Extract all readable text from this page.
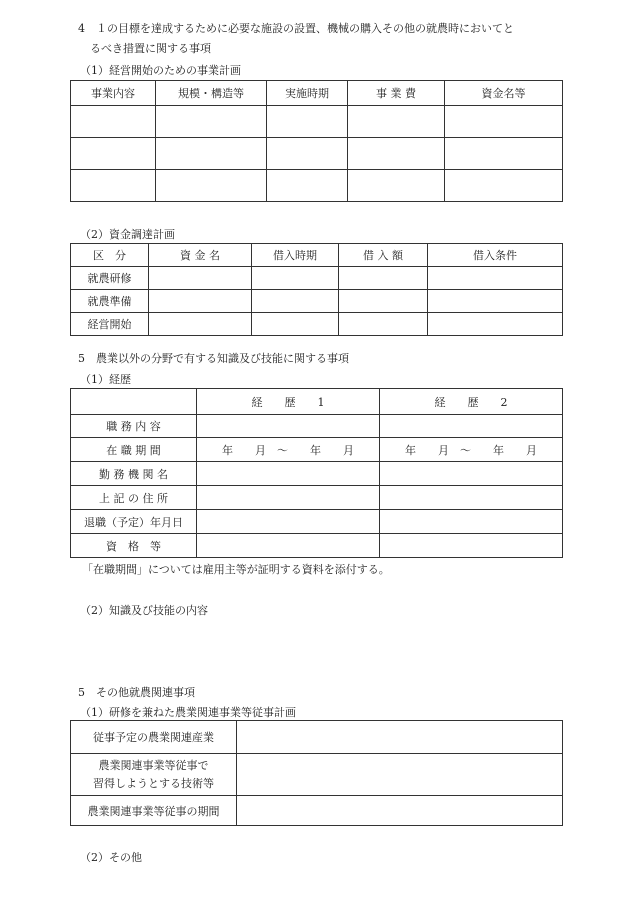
4　１の目標を達成するために必要な施設の設置、機械の購入その他の就農時においてと
るべき措置に関する事項
（1）経営開始のための事業計画
事業内容	規模・構造等	実施時期	事 業 費	資金名等

（2）資金調達計画
区　分	資 金 名	借入時期	借 入 額	借入条件
就農研修				
就農準備				
経営開始				
5　農業以外の分野で有する知識及び技能に関する事項
（1）経歴
	経　　歴　　1	経　　歴　　2
職 務 内 容		
在 職 期 間	年　　月　～　　年　　月	年　　月　～　　年　　月
勤 務 機 関 名		
上 記 の 住 所		
退職（予定）年月日		
資　格　等		
「在職期間」については雇用主等が証明する資料を添付する。
（2）知識及び技能の内容
5　その他就農関連事項
（1）研修を兼ねた農業関連事業等従事計画
従事予定の農業関連産業	

農業関連事業等従事で
習得しようとする技術等	

農業関連事業等従事の期間	
（2）その他
